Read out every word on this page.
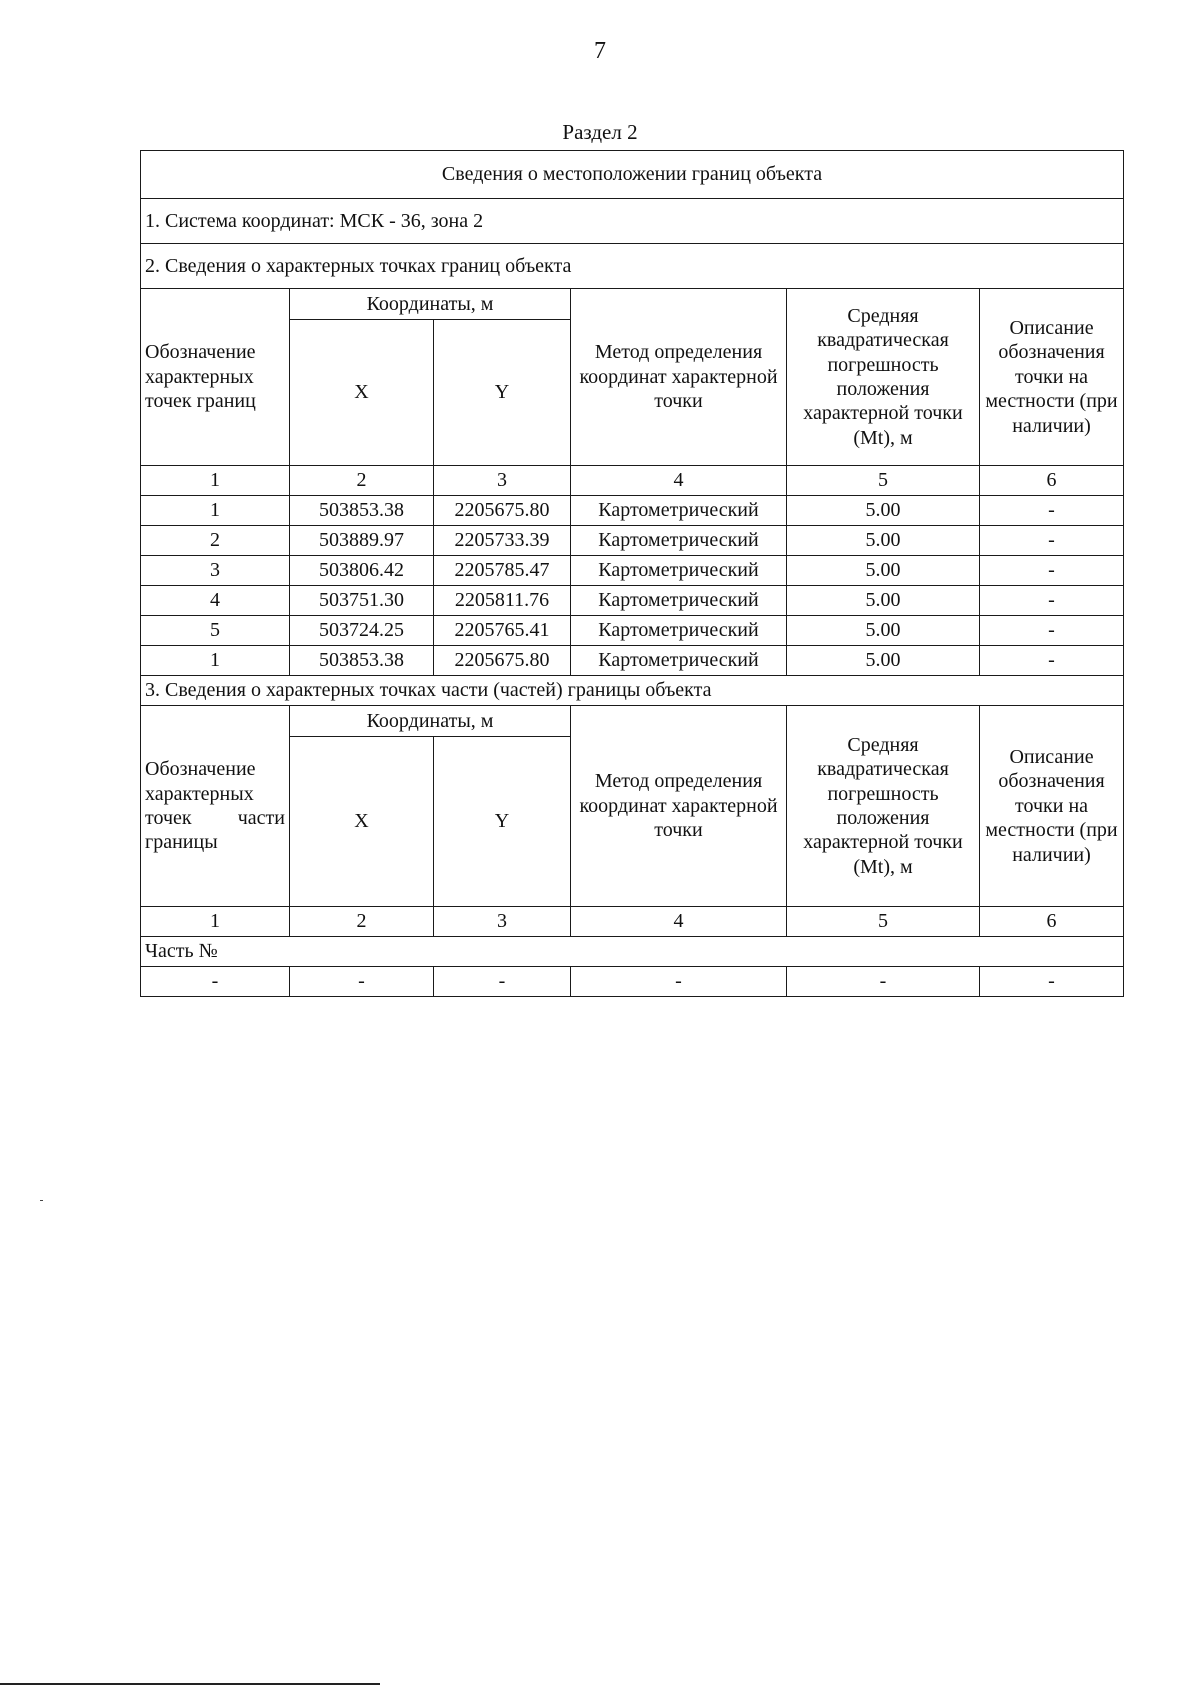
7
Раздел 2
Сведения о местоположении границ объекта					
1. Система координат: МСК - 36, зона 2					
2. Сведения о характерных точках границ объекта					
Обозначение характерных точек границ	Координаты, м		Метод определения координат характерной точки	Средняя квадратическая погрешность положения характерной точки (Mt), м	Описание обозначения точки на местности (при наличии)
	X	Y			
1	2	3	4	5	6
1	503853.38	2205675.80	Картометрический	5.00	-
2	503889.97	2205733.39	Картометрический	5.00	-
3	503806.42	2205785.47	Картометрический	5.00	-
4	503751.30	2205811.76	Картометрический	5.00	-
5	503724.25	2205765.41	Картометрический	5.00	-
1	503853.38	2205675.80	Картометрический	5.00	-
3. Сведения о характерных точках части (частей) границы объекта					

Обозначение
характерных
точек части
границы	Координаты, м		Метод определения координат характерной точки	Средняя квадратическая погрешность положения характерной точки (Mt), м	Описание обозначения точки на местности (при наличии)
	X	Y			
1	2	3	4	5	6
Часть №					
-	-	-	-	-	-
